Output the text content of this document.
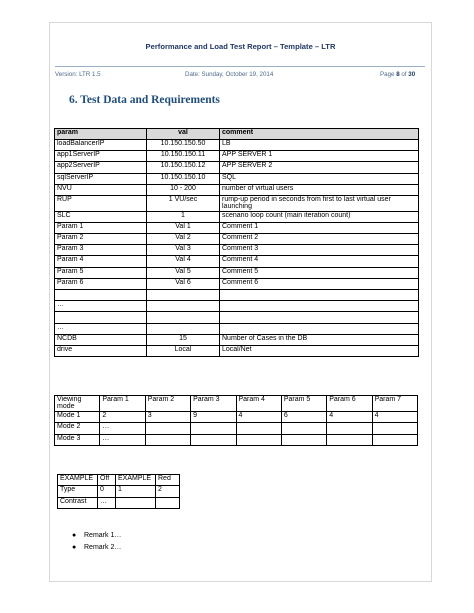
Performance and Load Test Report – Template – LTR
Version: LTR 1.5	Date: Sunday, October 19, 2014	Page 8 of 30
6. Test Data and Requirements
param	val	comment
loadBalancerIP	10.150.150.50	LB
app1ServerIP	10.150.150.11	APP SERVER 1
app2ServerIP	10.150.150.12	APP SERVER 2
sqlServerIP	10.150.150.10	SQL
NVU	10 - 200	number of virtual users
RUP	1 VU/sec	rump-up period in seconds from first to last virtual user launching
SLC	1	scenario loop count (main iteration count)
Param 1	Val 1	Comment 1
Param 2	Val 2	Comment 2
Param 3	Val 3	Comment 3
Param 4	Val 4	Comment 4
Param 5	Val 5	Comment 5
Param 6	Val 6	Comment 6

…		

…		
NCDB	15	Number of Cases in the DB
drive	Local	Local/Net
Viewing mode	Param 1	Param 2	Param 3	Param 4	Param 5	Param 6	Param 7
Mode 1	2	3	9	4	6	4	4
Mode 2	…						
Mode 3	…						
EXAMPLE	Off	EXAMPLE	Red
Type	0	1	2
Contrast	…		
● Remark 1…
● Remark 2…
